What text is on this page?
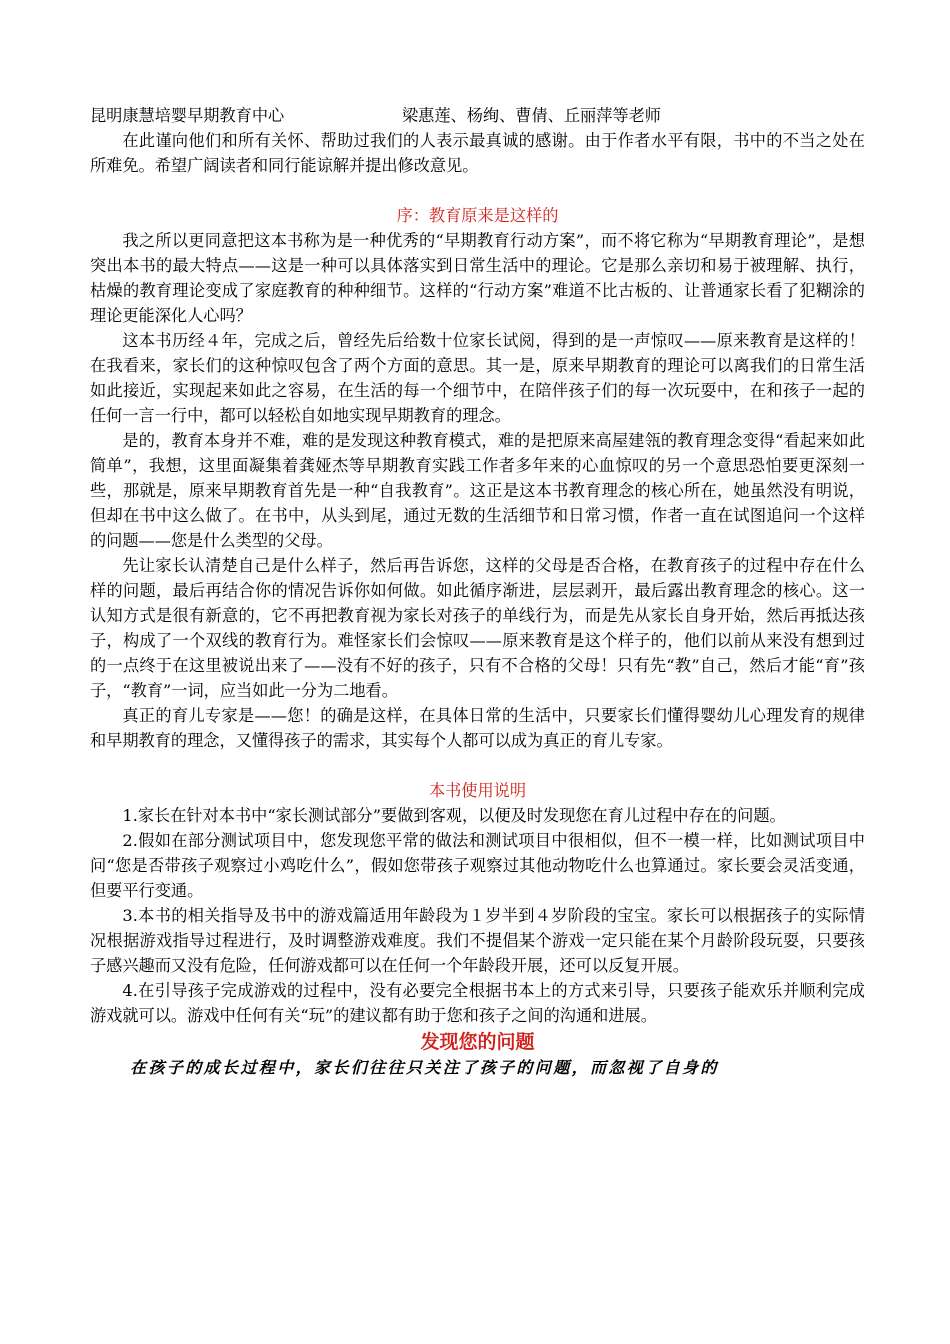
昆明康慧培婴早期教育中心	梁惠莲、杨绚、曹倩、丘丽萍等老师

在此谨向他们和所有关怀、帮助过我们的人表示最真诚的感谢。由于作者水平有限，书中的不当之处在所难免。希望广阔读者和同行能谅解并提出修改意见。

序：教育原来是这样的

我之所以更同意把这本书称为是一种优秀的“早期教育行动方案”，而不将它称为“早期教育理论”，是想突出本书的最大特点——这是一种可以具体落实到日常生活中的理论。它是那么亲切和易于被理解、执行，枯燥的教育理论变成了家庭教育的种种细节。这样的“行动方案”难道不比古板的、让普通家长看了犯糊涂的理论更能深化人心吗？

这本书历经４年，完成之后，曾经先后给数十位家长试阅，得到的是一声惊叹——原来教育是这样的！在我看来，家长们的这种惊叹包含了两个方面的意思。其一是，原来早期教育的理论可以离我们的日常生活如此接近，实现起来如此之容易，在生活的每一个细节中，在陪伴孩子们的每一次玩耍中，在和孩子一起的任何一言一行中，都可以轻松自如地实现早期教育的理念。

是的，教育本身并不难，难的是发现这种教育模式，难的是把原来高屋建瓴的教育理念变得“看起来如此简单”，我想，这里面凝集着龚娅杰等早期教育实践工作者多年来的心血惊叹的另一个意思恐怕要更深刻一些，那就是，原来早期教育首先是一种“自我教育”。这正是这本书教育理念的核心所在，她虽然没有明说，但却在书中这么做了。在书中，从头到尾，通过无数的生活细节和日常习惯，作者一直在试图追问一个这样的问题——您是什么类型的父母。

先让家长认清楚自己是什么样子，然后再告诉您，这样的父母是否合格，在教育孩子的过程中存在什么样的问题，最后再结合你的情况告诉你如何做。如此循序渐进，层层剥开，最后露出教育理念的核心。这一认知方式是很有新意的，它不再把教育视为家长对孩子的单线行为，而是先从家长自身开始，然后再抵达孩子，构成了一个双线的教育行为。难怪家长们会惊叹——原来教育是这个样子的，他们以前从来没有想到过的一点终于在这里被说出来了——没有不好的孩子，只有不合格的父母！只有先“教”自己，然后才能“育”孩子，“教育”一词，应当如此一分为二地看。

真正的育儿专家是——您！的确是这样，在具体日常的生活中，只要家长们懂得婴幼儿心理发育的规律和早期教育的理念，又懂得孩子的需求，其实每个人都可以成为真正的育儿专家。

本书使用说明

1.家长在针对本书中“家长测试部分”要做到客观，以便及时发现您在育儿过程中存在的问题。

2.假如在部分测试项目中，您发现您平常的做法和测试项目中很相似，但不一模一样，比如测试项目中问“您是否带孩子观察过小鸡吃什么”，假如您带孩子观察过其他动物吃什么也算通过。家长要会灵活变通，但要平行变通。

3.本书的相关指导及书中的游戏篇适用年龄段为１岁半到４岁阶段的宝宝。家长可以根据孩子的实际情况根据游戏指导过程进行，及时调整游戏难度。我们不提倡某个游戏一定只能在某个月龄阶段玩耍，只要孩子感兴趣而又没有危险，任何游戏都可以在任何一个年龄段开展，还可以反复开展。

4.在引导孩子完成游戏的过程中，没有必要完全根据书本上的方式来引导，只要孩子能欢乐并顺利完成游戏就可以。游戏中任何有关“玩”的建议都有助于您和孩子之间的沟通和进展。

发现您的问题

在孩子的成长过程中，家长们往往只关注了孩子的问题，而忽视了自身的
